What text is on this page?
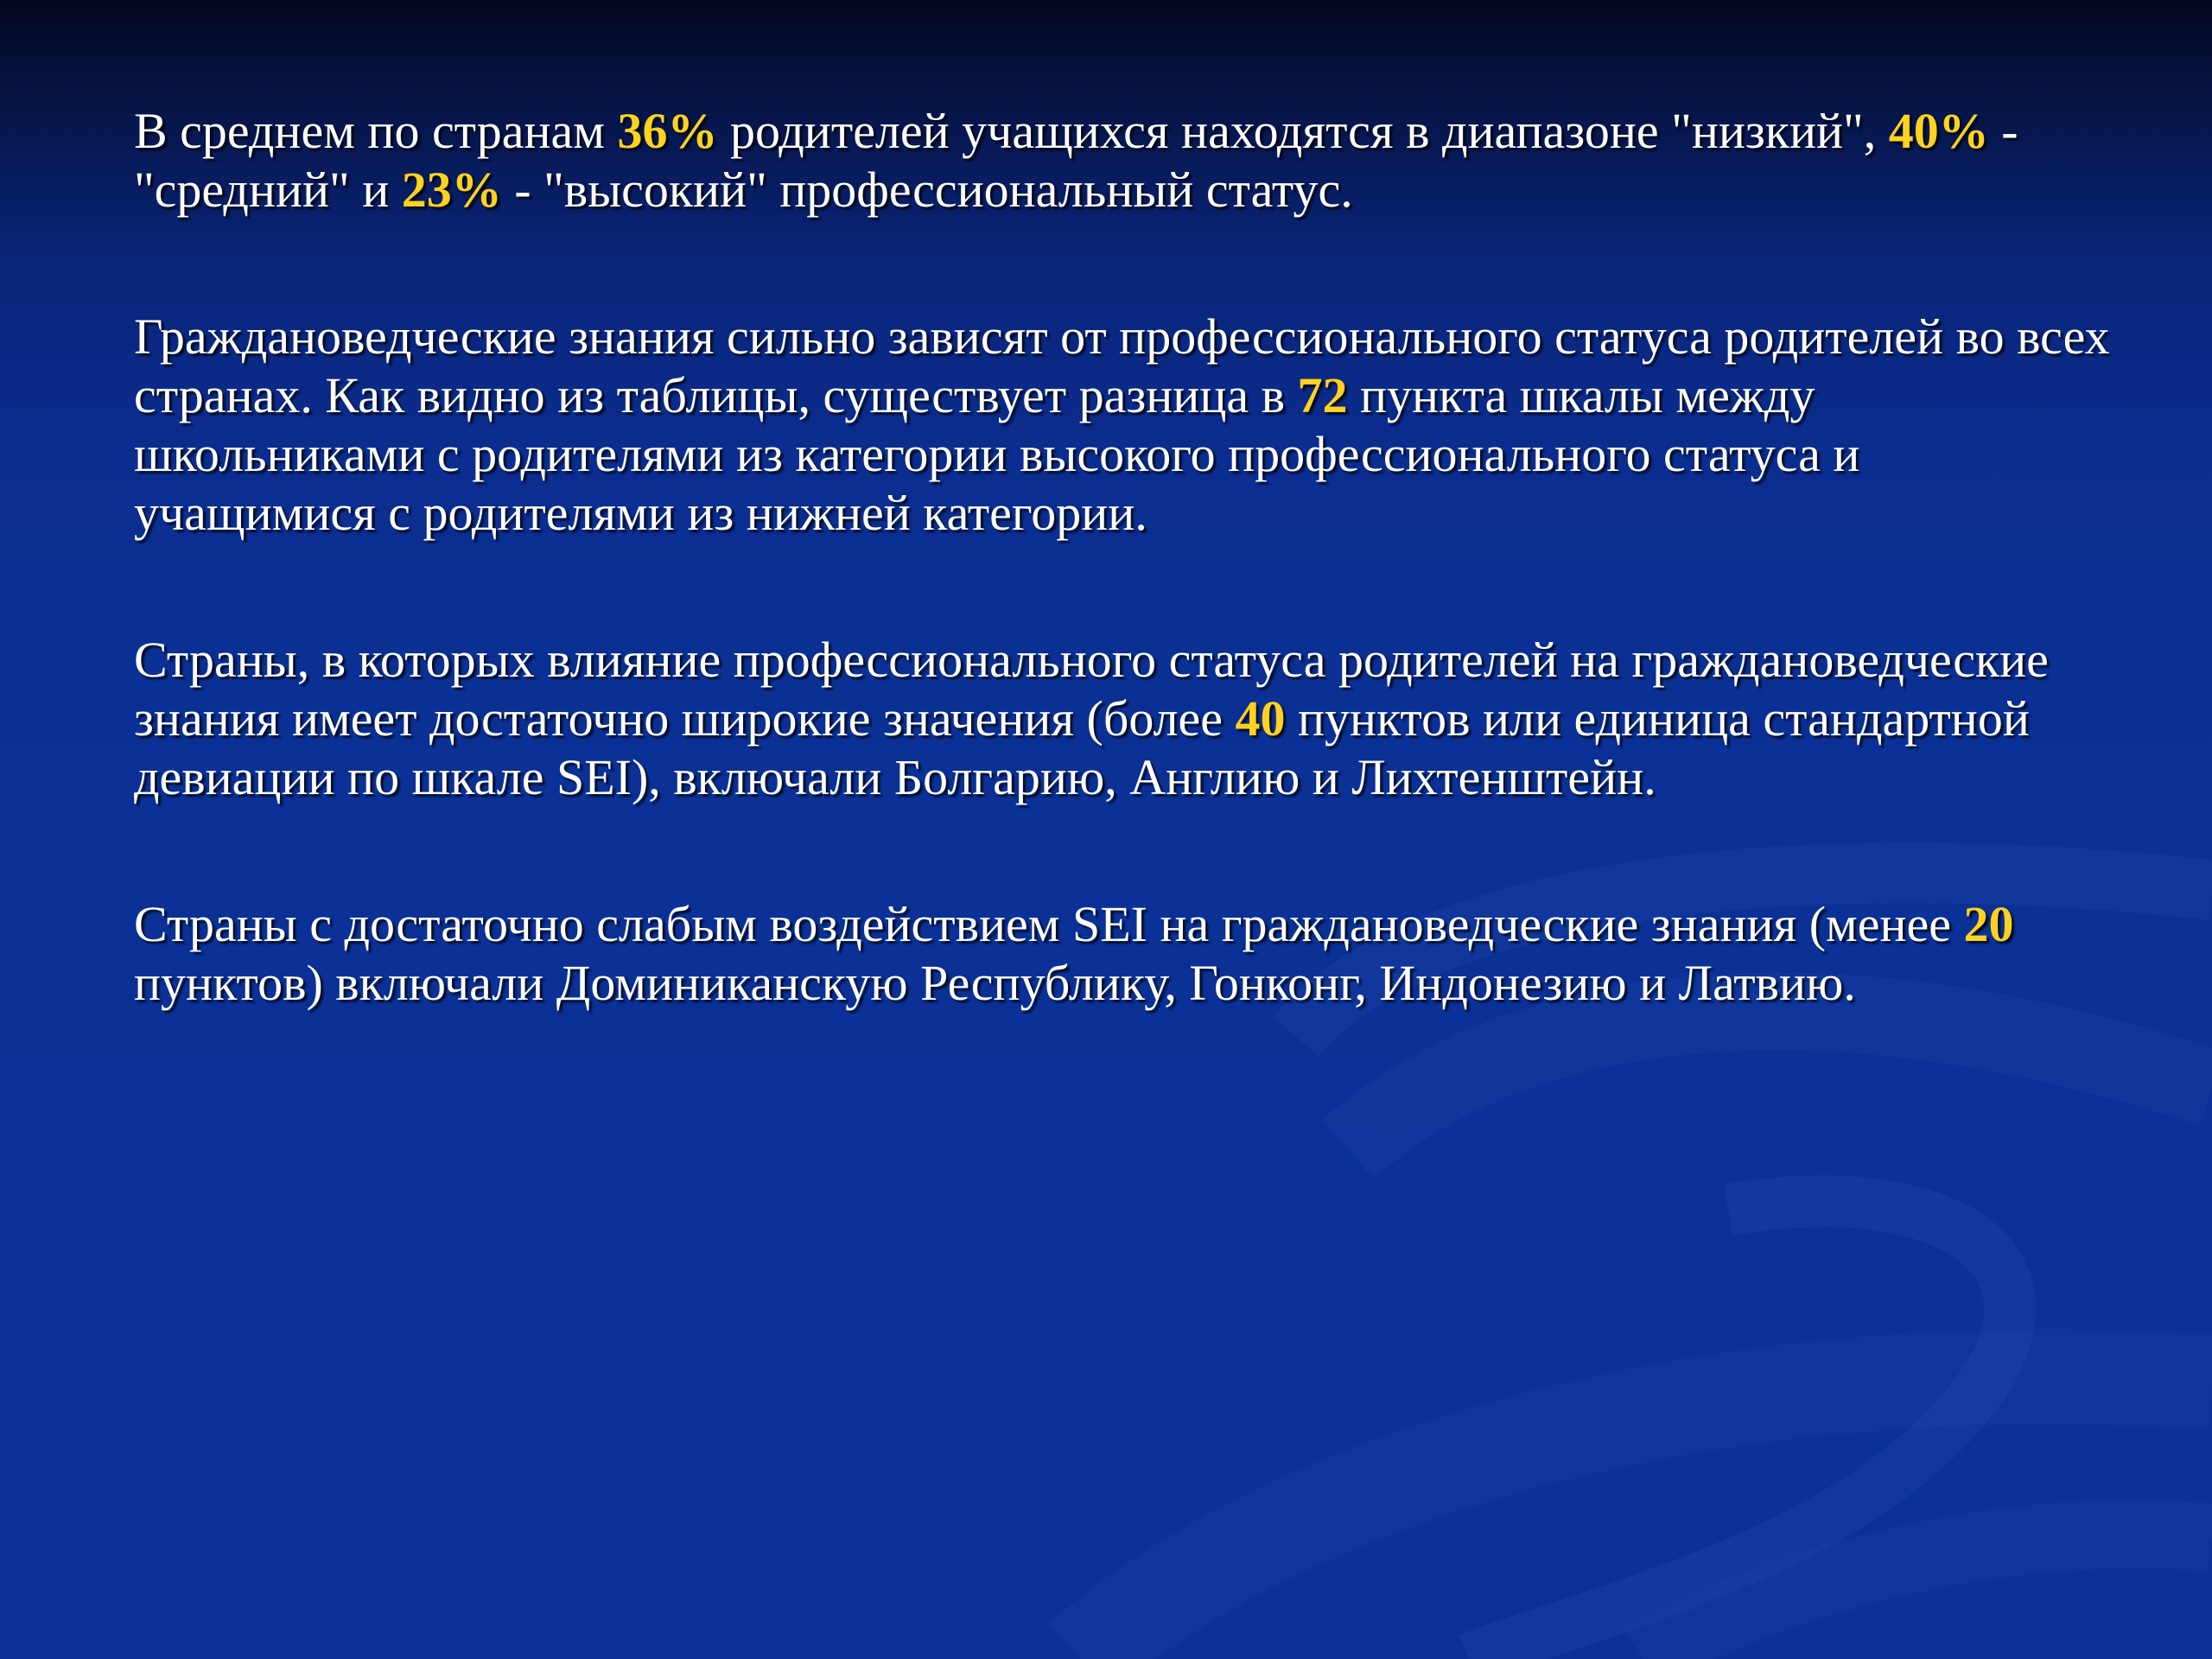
В среднем по странам 36% родителей учащихся находятся в диапазоне "низкий", 40% - "средний" и 23% - "высокий" профессиональный статус.

Граждановедческие знания сильно зависят от профессионального статуса родителей во всех странах. Как видно из таблицы, существует разница в 72 пункта шкалы между школьниками с родителями из категории высокого профессионального статуса и учащимися с родителями из нижней категории.

Страны, в которых влияние профессионального статуса родителей на граждановедческие знания имеет достаточно широкие значения (более 40 пунктов или единица стандартной девиации по шкале SEI), включали Болгарию, Англию и Лихтенштейн.

Страны с достаточно слабым воздействием SEI на граждановедческие знания (менее 20 пунктов) включали Доминиканскую Республику, Гонконг, Индонезию и Латвию.
